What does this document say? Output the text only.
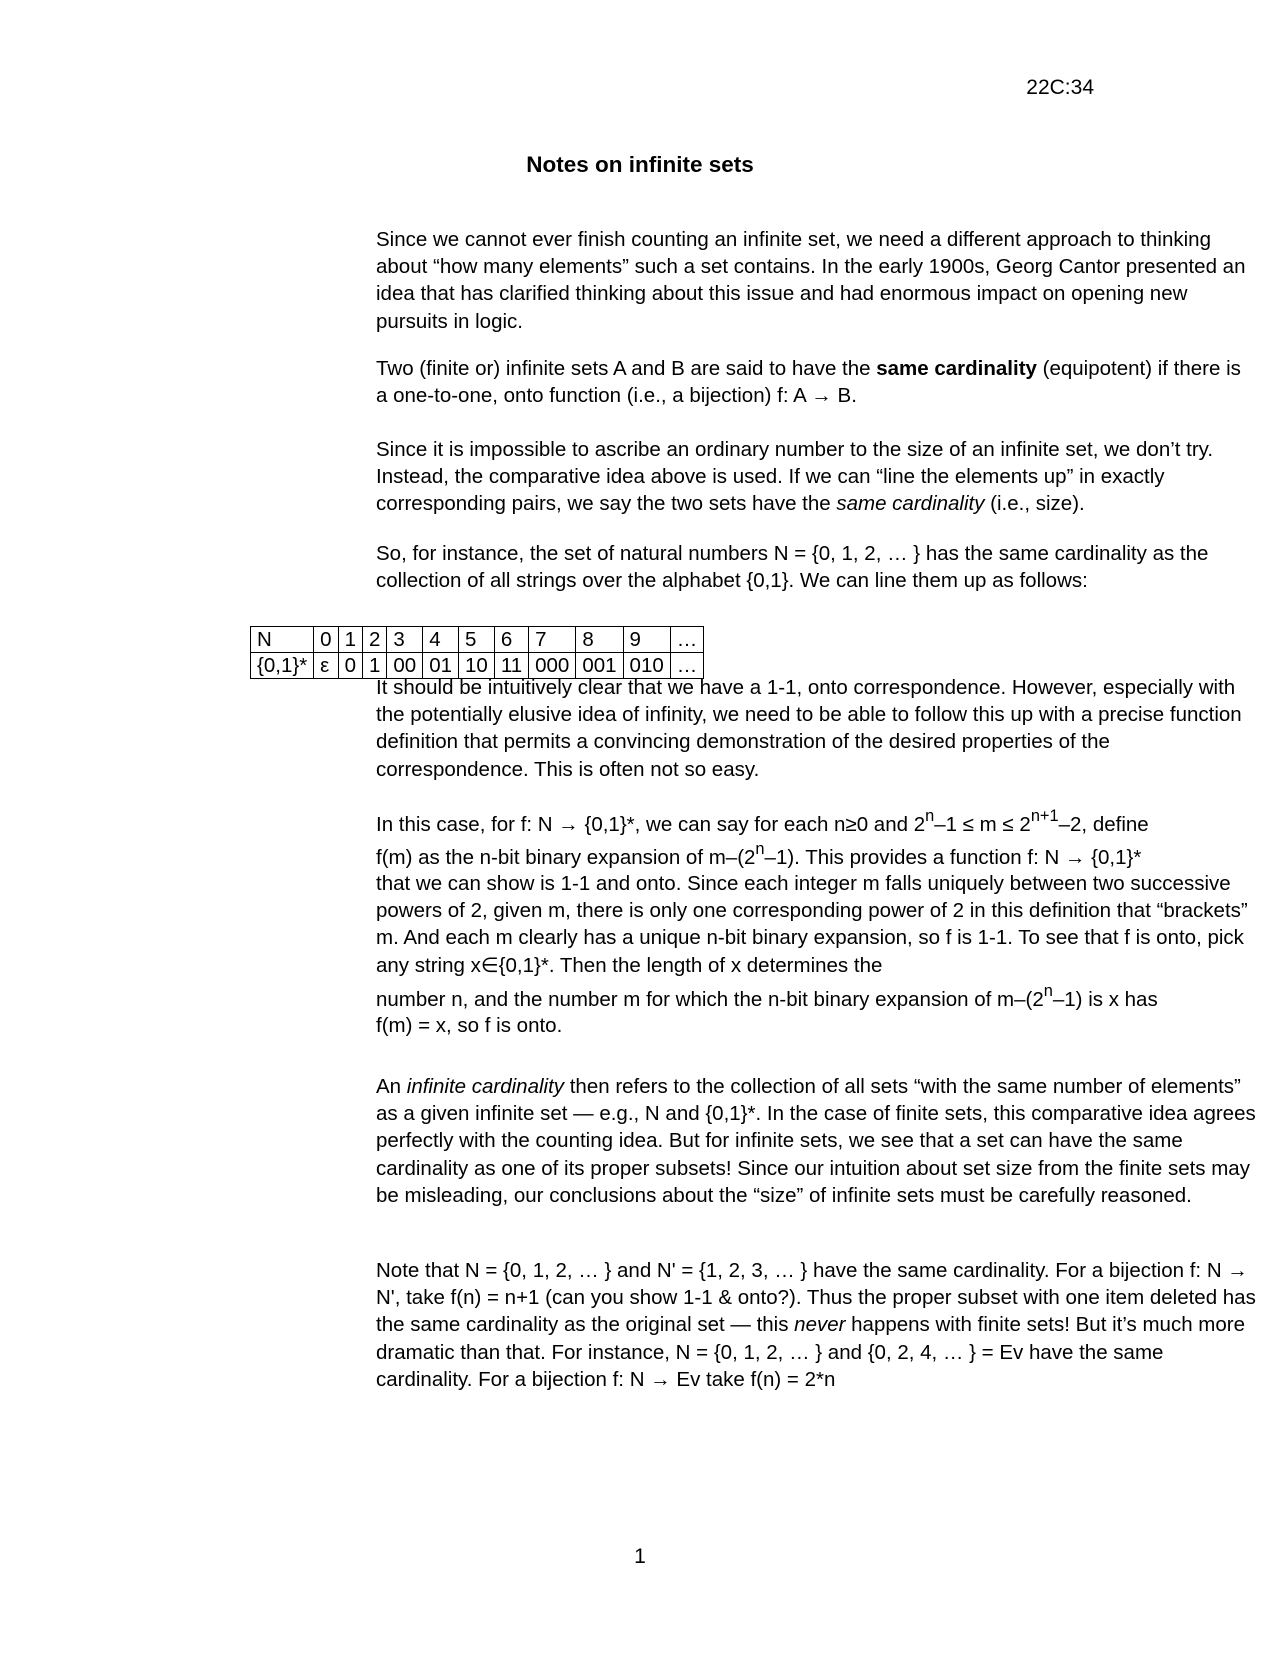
22C:34
Notes on infinite sets

Since we cannot ever finish counting an infinite set, we need a different approach to thinking about “how many elements” such a set contains. In the early 1900s, Georg Cantor presented an idea that has clarified thinking about this issue and had enormous impact on opening new pursuits in logic.

Two (finite or) infinite sets A and B are said to have the same cardinality (equipotent) if there is a one-to-one, onto function (i.e., a bijection) f: A → B.

Since it is impossible to ascribe an ordinary number to the size of an infinite set, we don’t try. Instead, the comparative idea above is used. If we can “line the elements up” in exactly corresponding pairs, we say the two sets have the same cardinality (i.e., size).

So, for instance, the set of natural numbers N = {0, 1, 2, … } has the same cardinality as the collection of all strings over the alphabet {0,1}. We can line them up as follows:

N	0	1	2	3	4	5	6	7	8	9	…
{0,1}*	ε	0	1	00	01	10	11	000	001	010	…

It should be intuitively clear that we have a 1-1, onto correspondence. However, especially with the potentially elusive idea of infinity, we need to be able to follow this up with a precise function definition that permits a convincing demonstration of the desired properties of the correspondence. This is often not so easy.

In this case, for f: N → {0,1}*, we can say for each n≥0 and $2^n-1 \le m \le 2^{n+1}-2$, define
f(m) as the n-bit binary expansion of m–(2$^n$–1). This provides a function f: N → {0,1}*
that we can show is 1-1 and onto. Since each integer m falls uniquely between two successive powers of 2, given m, there is only one corresponding power of 2 in this definition that “brackets” m. And each m clearly has a unique n-bit binary expansion, so f is 1-1. To see that f is onto, pick any string x∈{0,1}*. Then the length of x determines the
number n, and the number m for which the n-bit binary expansion of m–(2$^n$–1) is x has
f(m) = x, so f is onto.

An infinite cardinality then refers to the collection of all sets “with the same number of elements” as a given infinite set — e.g., N and {0,1}*. In the case of finite sets, this comparative idea agrees perfectly with the counting idea. But for infinite sets, we see that a set can have the same cardinality as one of its proper subsets! Since our intuition about set size from the finite sets may be misleading, our conclusions about the “size” of infinite sets must be carefully reasoned.

Note that N = {0, 1, 2, … } and N' = {1, 2, 3, … } have the same cardinality. For a bijection f: N → N', take f(n) = n+1 (can you show 1-1 & onto?). Thus the proper subset with one item deleted has the same cardinality as the original set — this never happens with finite sets! But it’s much more dramatic than that. For instance, N = {0, 1, 2, … } and {0, 2, 4, … } = Ev have the same cardinality. For a bijection f: N → Ev take f(n) = 2*n

1
